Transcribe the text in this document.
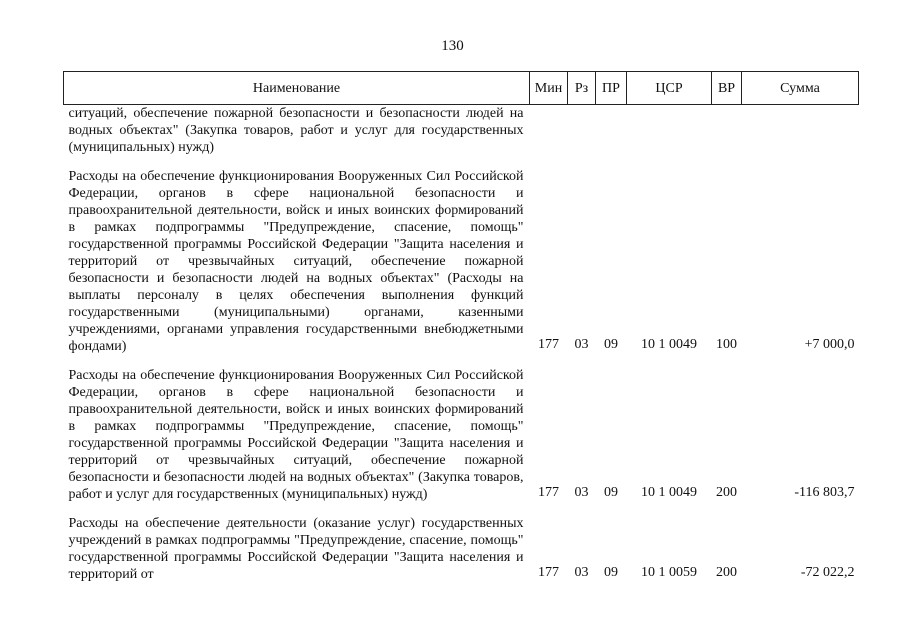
130
Наименование	Мин	Рз	ПР	ЦСР	ВР	Сумма
ситуаций, обеспечение пожарной безопасности и безопасности людей на водных объектах" (Закупка товаров, работ и услуг для государственных (муниципальных) нужд)						
Расходы на обеспечение функционирования Вооруженных Сил Российской Федерации, органов в сфере национальной безопасности и правоохранительной деятельности, войск и иных воинских формирований в рамках подпрограммы "Предупреждение, спасение, помощь" государственной программы Российской Федерации "Защита населения и территорий от чрезвычайных ситуаций, обеспечение пожарной безопасности и безопасности людей на водных объектах" (Расходы на выплаты персоналу в целях обеспечения выполнения функций государственными (муниципальными) органами, казенными учреждениями, органами управления государственными внебюджетными фондами)	177	03	09	10 1 0049	100	+7 000,0
Расходы на обеспечение функционирования Вооруженных Сил Российской Федерации, органов в сфере национальной безопасности и правоохранительной деятельности, войск и иных воинских формирований в рамках подпрограммы "Предупреждение, спасение, помощь" государственной программы Российской Федерации "Защита населения и территорий от чрезвычайных ситуаций, обеспечение пожарной безопасности и безопасности людей на водных объектах" (Закупка товаров, работ и услуг для государственных (муниципальных) нужд)	177	03	09	10 1 0049	200	-116 803,7
Расходы на обеспечение деятельности (оказание услуг) государственных учреждений в рамках подпрограммы "Предупреждение, спасение, помощь" государственной программы Российской Федерации "Защита населения и территорий от	177	03	09	10 1 0059	200	-72 022,2
